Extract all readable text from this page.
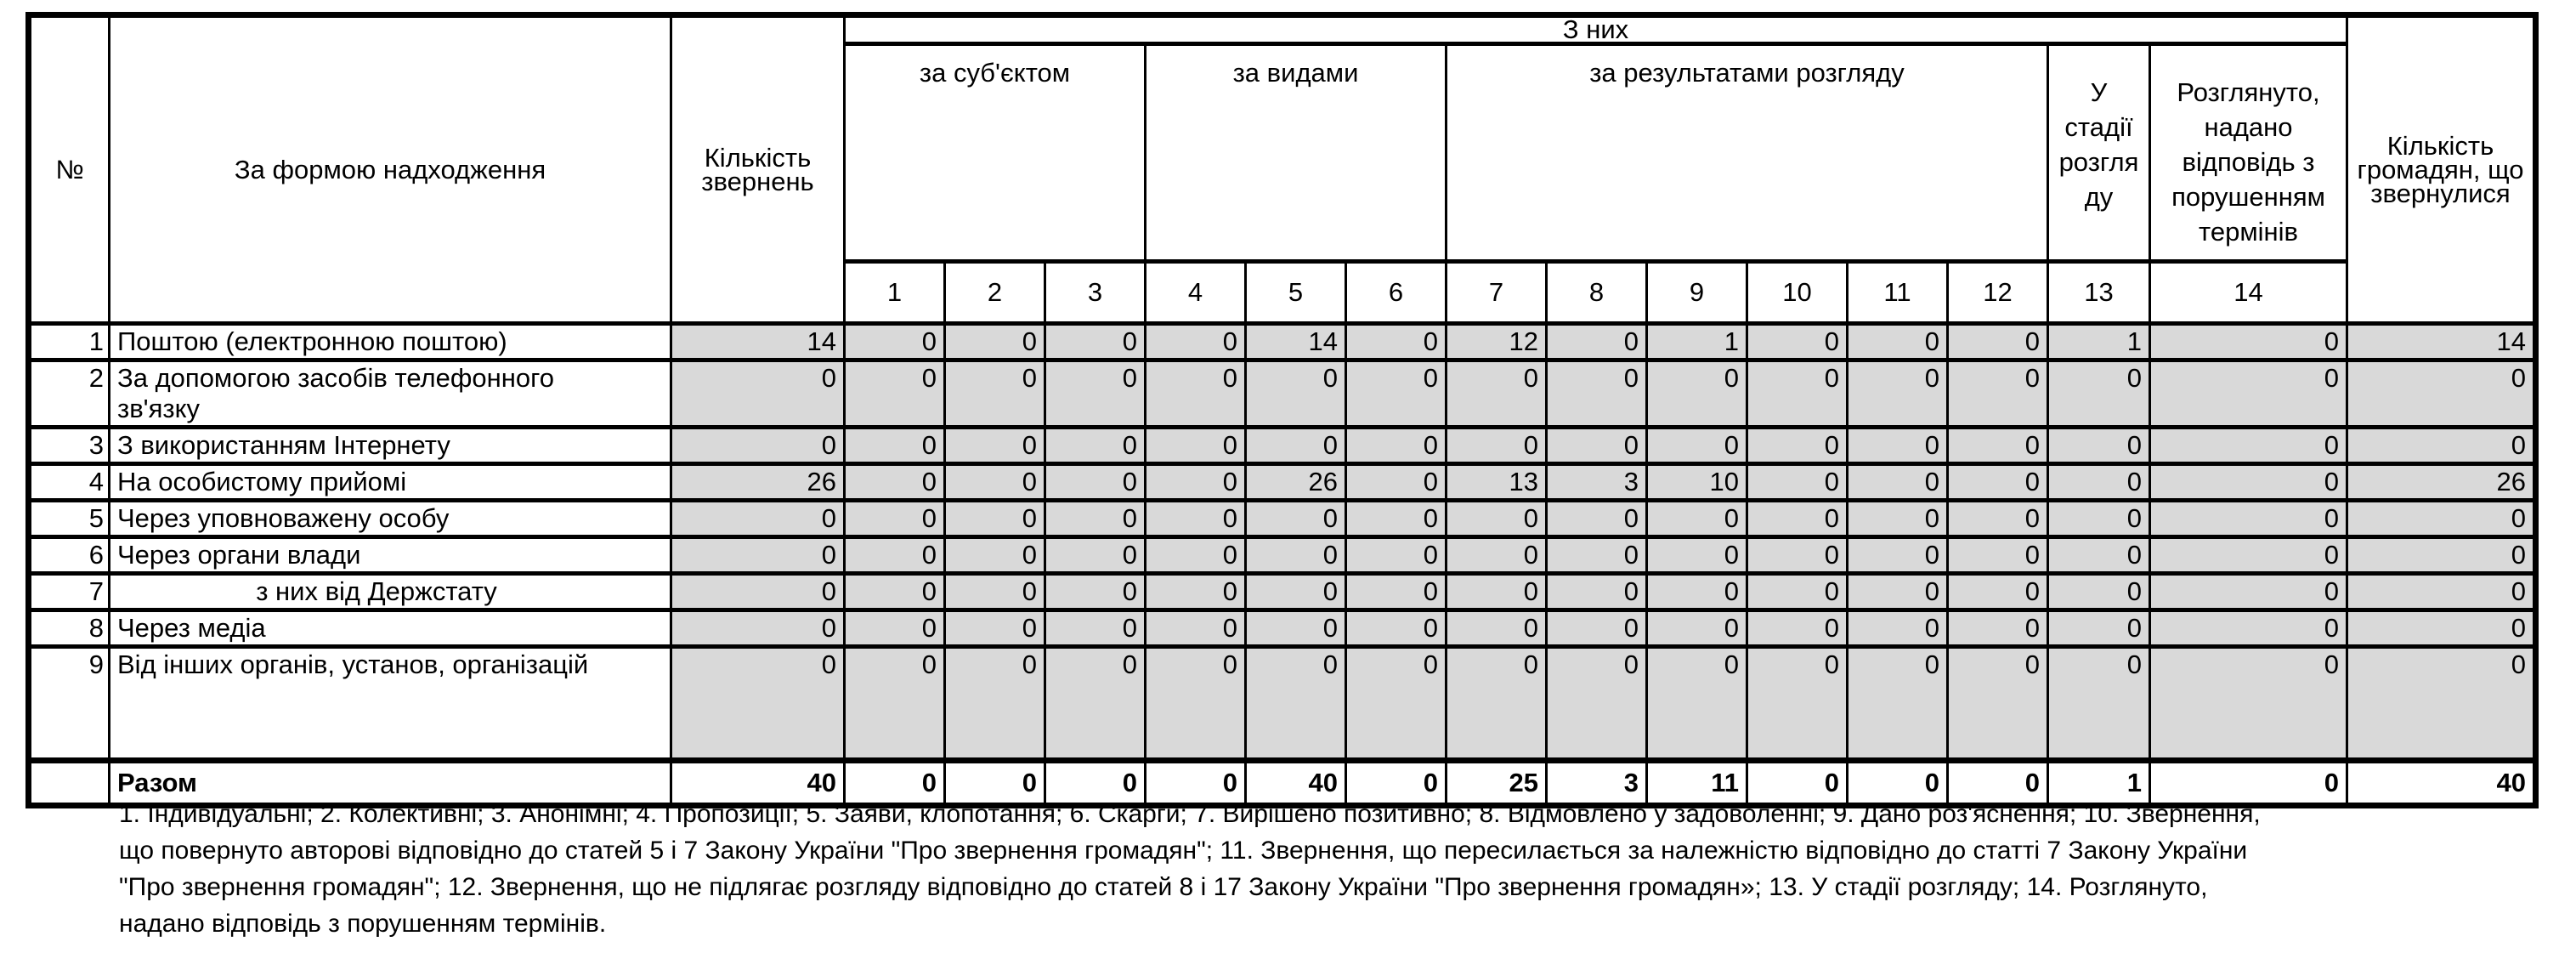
№	За формою надходження	Кількість звернень	З них														Кількість громадян, що звернулися
			за суб'єктом			за видами			за результатами розгляду						У стадії розгляду	Розглянуто, надано відповідь з порушенням термінів	
			1	2	3	4	5	6	7	8	9	10	11	12	13	14	
1	Поштою (електронною поштою)	14	0	0	0	0	14	0	12	0	1	0	0	0	1	0	14
2	За допомогою засобів телефонного зв'язку	0	0	0	0	0	0	0	0	0	0	0	0	0	0	0	0
3	З використанням Інтернету	0	0	0	0	0	0	0	0	0	0	0	0	0	0	0	0
4	На особистому прийомі	26	0	0	0	0	26	0	13	3	10	0	0	0	0	0	26
5	Через уповноважену особу	0	0	0	0	0	0	0	0	0	0	0	0	0	0	0	0
6	Через органи влади	0	0	0	0	0	0	0	0	0	0	0	0	0	0	0	0
7	з них від Держстату	0	0	0	0	0	0	0	0	0	0	0	0	0	0	0	0
8	Через медіа	0	0	0	0	0	0	0	0	0	0	0	0	0	0	0	0
9	Від інших органів, установ, організацій	0	0	0	0	0	0	0	0	0	0	0	0	0	0	0	0
	Разом	40	0	0	0	0	40	0	25	3	11	0	0	0	1	0	40
1. Індивідуальні; 2. Колективні; 3. Анонімні; 4. Пропозиції; 5. Заяви, клопотання; 6. Скарги; 7. Вирішено позитивно; 8. Відмовлено у задоволенні; 9. Дано роз'яснення; 10. Звернення,
що повернуто авторові відповідно до статей 5 і 7 Закону України "Про звернення громадян"; 11. Звернення, що пересилається за належністю відповідно до статті 7 Закону України
"Про звернення громадян"; 12. Звернення, що не підлягає розгляду відповідно до статей 8 і 17 Закону України "Про звернення громадян»; 13. У стадії розгляду; 14. Розглянуто,
надано відповідь з порушенням термінів.
